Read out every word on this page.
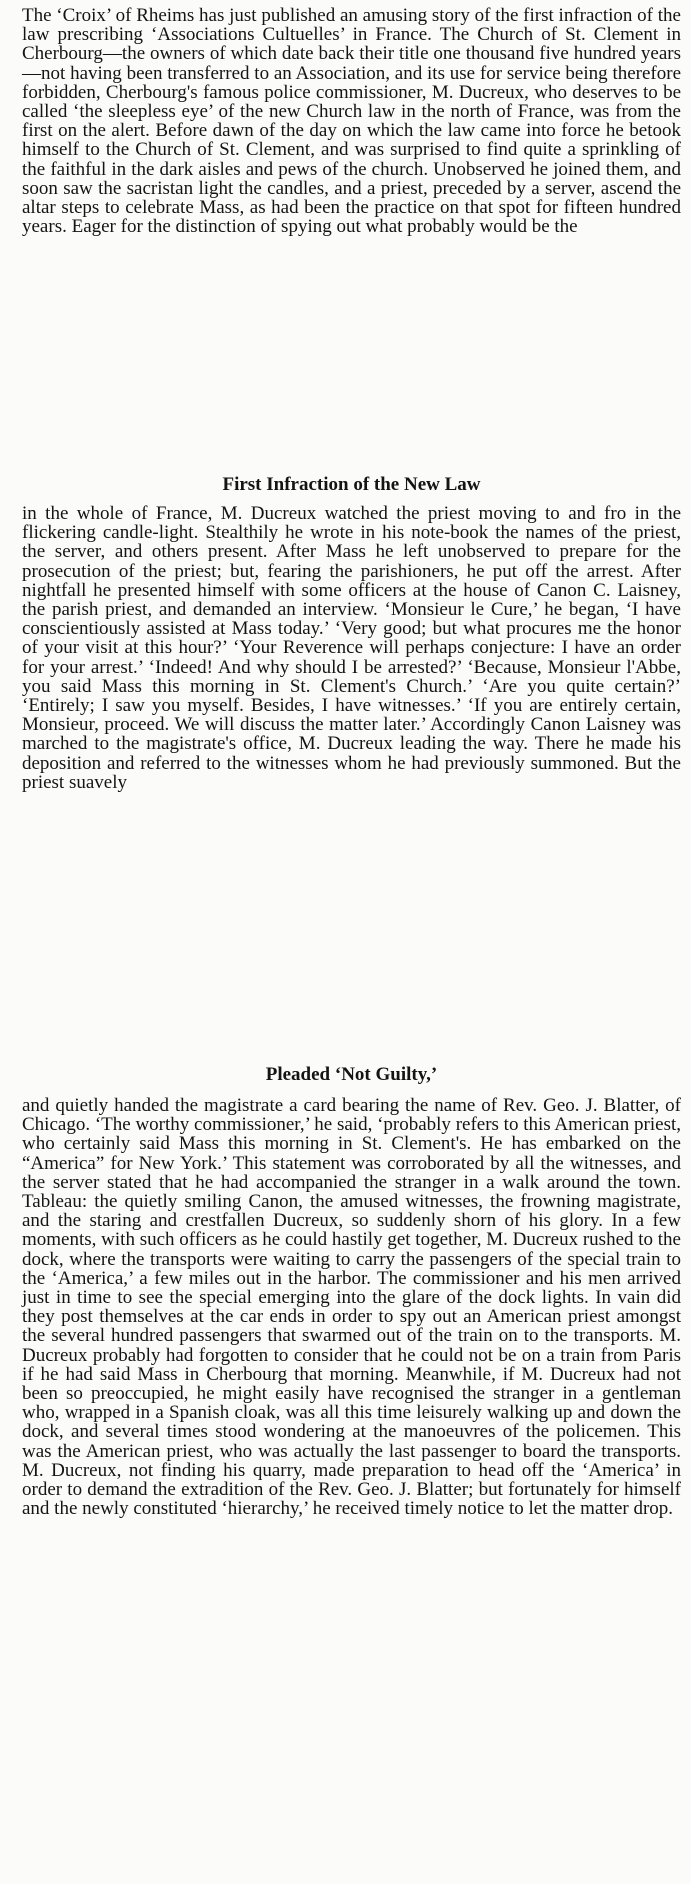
The ‘Croix’ of Rheims has just published an amusing story of the first infraction of the law prescribing ‘Associations Cultuelles’ in France. The Church of St. Clement in Cherbourg—the owners of which date back their title one thousand five hundred years—not having been transferred to an Association, and its use for service being therefore forbidden, Cherbourg's famous police commissioner, M. Ducreux, who deserves to be called ‘the sleepless eye’ of the new Church law in the north of France, was from the first on the alert. Before dawn of the day on which the law came into force he betook himself to the Church of St. Clement, and was surprised to find quite a sprinkling of the faithful in the dark aisles and pews of the church. Unobserved he joined them, and soon saw the sacristan light the candles, and a priest, preceded by a server, ascend the altar steps to celebrate Mass, as had been the practice on that spot for fifteen hundred years. Eager for the distinction of spying out what probably would be the

First Infraction of the New Law

in the whole of France, M. Ducreux watched the priest moving to and fro in the flickering candle-light. Stealthily he wrote in his note-book the names of the priest, the server, and others present. After Mass he left unobserved to prepare for the prosecution of the priest; but, fearing the parishioners, he put off the arrest. After nightfall he presented himself with some officers at the house of Canon C. Laisney, the parish priest, and demanded an interview. ‘Monsieur le Cure,’ he began, ‘I have conscientiously assisted at Mass today.’ ‘Very good; but what procures me the honor of your visit at this hour?’ ‘Your Reverence will perhaps conjecture: I have an order for your arrest.’ ‘Indeed! And why should I be arrested?’ ‘Because, Monsieur l'Abbe, you said Mass this morning in St. Clement's Church.’ ‘Are you quite certain?’ ‘Entirely; I saw you myself. Besides, I have witnesses.’ ‘If you are entirely certain, Monsieur, proceed. We will discuss the matter later.’ Accordingly Canon Laisney was marched to the magistrate's office, M. Ducreux leading the way. There he made his deposition and referred to the witnesses whom he had previously summoned. But the priest suavely

Pleaded ‘Not Guilty,’

and quietly handed the magistrate a card bearing the name of Rev. Geo. J. Blatter, of Chicago. ‘The worthy commissioner,’ he said, ‘probably refers to this American priest, who certainly said Mass this morning in St. Clement's. He has embarked on the “America” for New York.’ This statement was corroborated by all the witnesses, and the server stated that he had accompanied the stranger in a walk around the town. Tableau: the quietly smiling Canon, the amused witnesses, the frowning magistrate, and the staring and crestfallen Ducreux, so suddenly shorn of his glory. In a few moments, with such officers as he could hastily get together, M. Ducreux rushed to the dock, where the transports were waiting to carry the passengers of the special train to the ‘America,’ a few miles out in the harbor. The commissioner and his men arrived just in time to see the special emerging into the glare of the dock lights. In vain did they post themselves at the car ends in order to spy out an American priest amongst the several hundred passengers that swarmed out of the train on to the transports. M. Ducreux probably had forgotten to consider that he could not be on a train from Paris if he had said Mass in Cherbourg that morning. Meanwhile, if M. Ducreux had not been so preoccupied, he might easily have recognised the stranger in a gentleman who, wrapped in a Spanish cloak, was all this time leisurely walking up and down the dock, and several times stood wondering at the manoeuvres of the policemen. This was the American priest, who was actually the last passenger to board the transports. M. Ducreux, not finding his quarry, made preparation to head off the ‘America’ in order to demand the extradition of the Rev. Geo. J. Blatter; but fortunately for himself and the newly constituted ‘hierarchy,’ he received timely notice to let the matter drop.
